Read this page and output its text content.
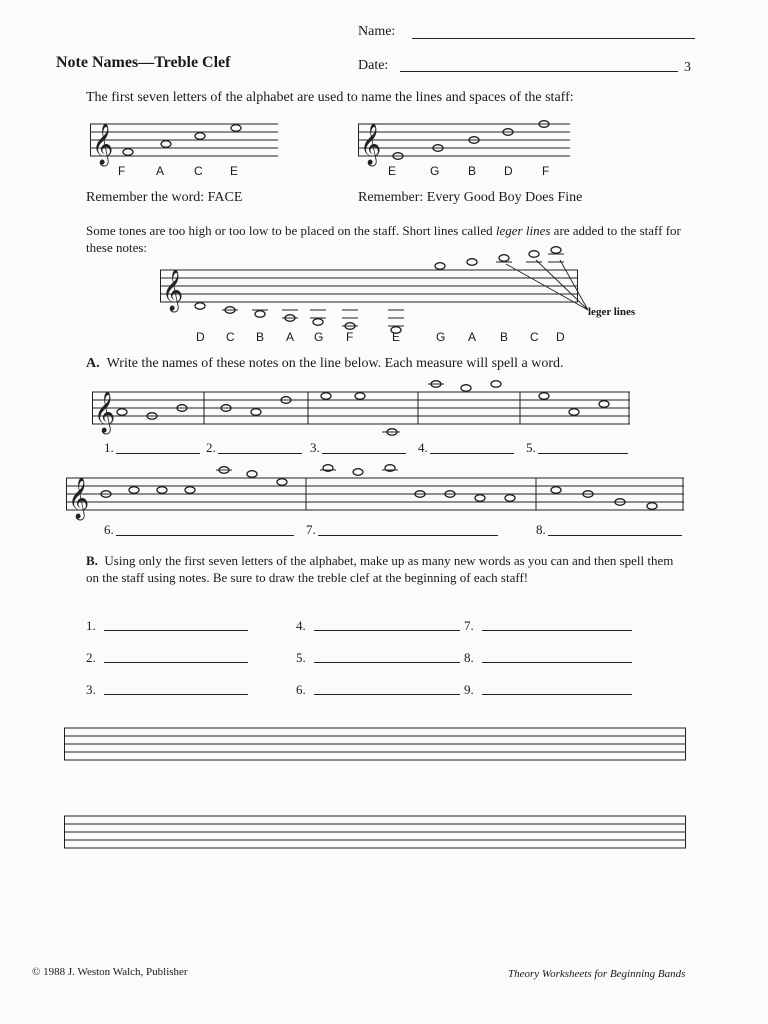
Name:
Note Names—Treble Clef	Date:	3
The first seven letters of the alphabet are used to name the lines and spaces of the staff:
𝄞
F	A C E
𝄞
E	G B D F
Remember the word: FACE	Remember: Every Good Boy Does Fine
Some tones are too high or too low to be placed on the staff. Short lines called leger lines are added to the staff for these notes:
𝄞
leger lines
D C B A G F	E	G A B C D
A. Write the names of these notes on the line below. Each measure will spell a word.
𝄞
1.	2.	3.	4.	5.
𝄞
6.	7.	8.
B. Using only the first seven letters of the alphabet, make up as many new words as you can and then spell them on the staff using notes. Be sure to draw the treble clef at the beginning of each staff!
1.
2.
3.
4.
5.
6.
7.
8.
9.
© 1988 J. Weston Walch, Publisher	Theory Worksheets for Beginning Bands
